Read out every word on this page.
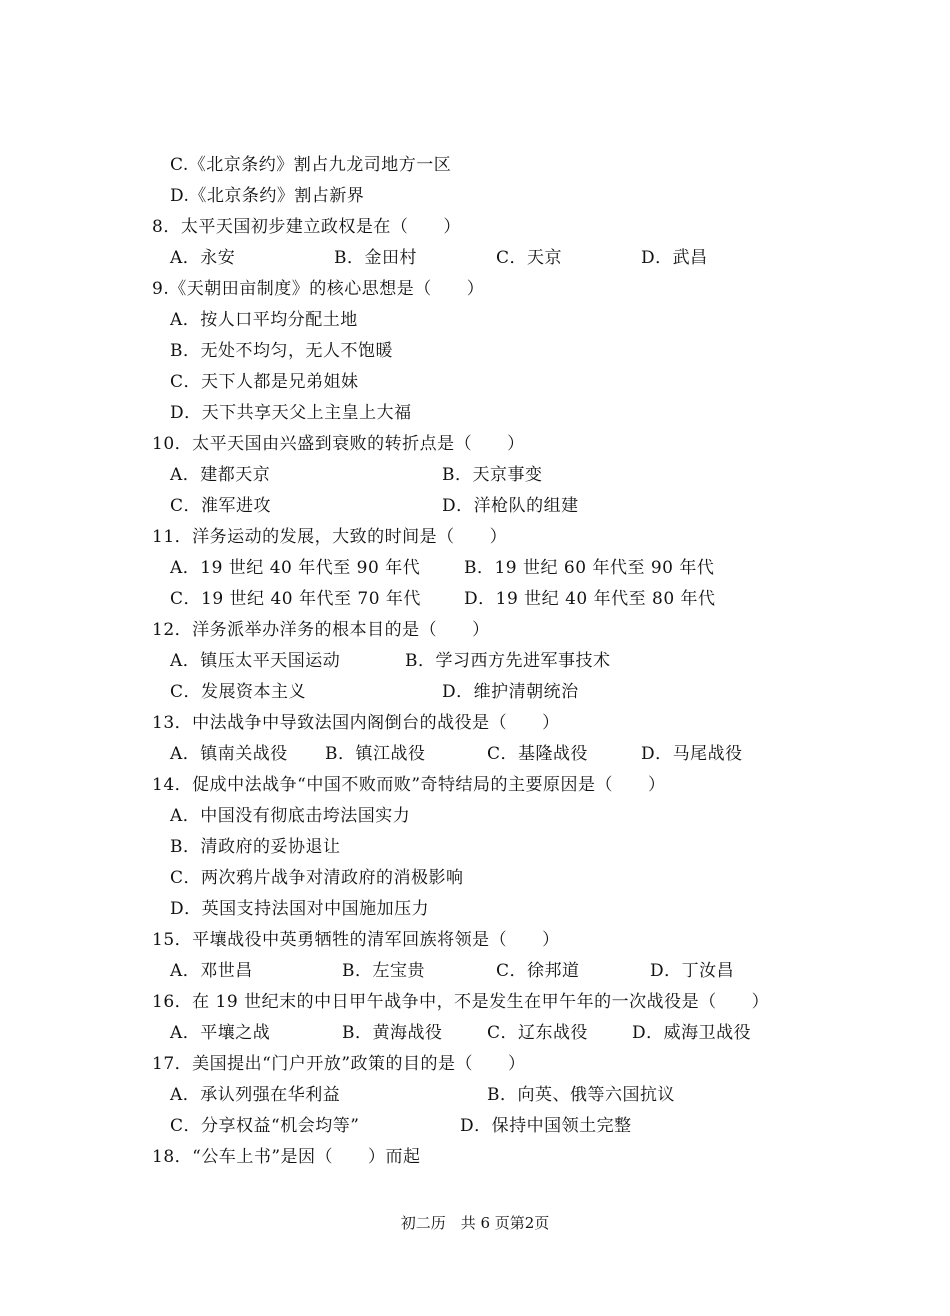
C.《北京条约》割占九龙司地方一区
D.《北京条约》割占新界
8．太平天国初步建立政权是在（　　）
A．永安	B．金田村	C．天京	D．武昌
9.《天朝田亩制度》的核心思想是（　　）
A．按人口平均分配土地
B．无处不均匀，无人不饱暖
C．天下人都是兄弟姐妹
D．天下共享天父上主皇上大福
10．太平天国由兴盛到衰败的转折点是（　　）
A．建都天京	B．天京事变
C．淮军进攻	D．洋枪队的组建
11．洋务运动的发展，大致的时间是（　　）
A．19 世纪 40 年代至 90 年代	B．19 世纪 60 年代至 90 年代
C．19 世纪 40 年代至 70 年代	D．19 世纪 40 年代至 80 年代
12．洋务派举办洋务的根本目的是（　　）
A．镇压太平天国运动	B．学习西方先进军事技术
C．发展资本主义	D．维护清朝统治
13．中法战争中导致法国内阁倒台的战役是（　　）
A．镇南关战役 B．镇江战役	C．基隆战役	D．马尾战役
14．促成中法战争“中国不败而败”奇特结局的主要原因是（　　）
A．中国没有彻底击垮法国实力
B．清政府的妥协退让
C．两次鸦片战争对清政府的消极影响
D．英国支持法国对中国施加压力
15．平壤战役中英勇牺牲的清军回族将领是（　　）
A．邓世昌	B．左宝贵	C．徐邦道	D．丁汝昌
16．在 19 世纪末的中日甲午战争中，不是发生在甲午年的一次战役是（　　）
A．平壤之战	B．黄海战役	C．辽东战役	D．威海卫战役
17．美国提出“门户开放”政策的目的是（　　）
A．承认列强在华利益	B．向英、俄等六国抗议
C．分享权益“机会均等”	D．保持中国领土完整
18．“公车上书”是因（　　）而起
初二历　共 6 页第2页
